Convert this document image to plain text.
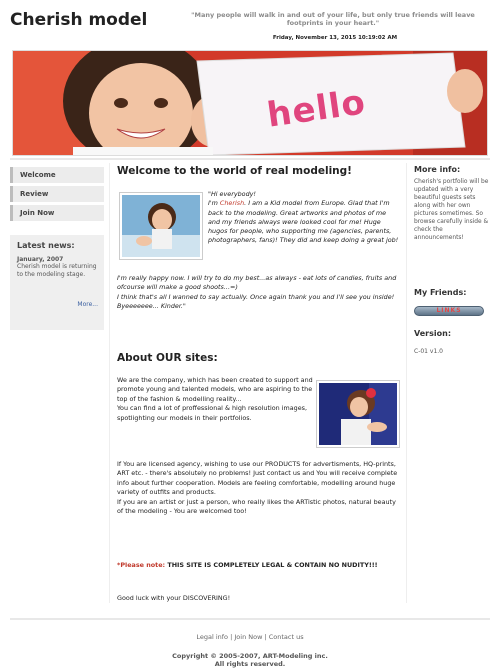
Cherish model	"Many people will walk in and out of your life, but only true friends will leave footprints in your heart."
Friday, November 13, 2015 10:19:02 AM
hello
Welcome
Review
Join Now
Latest news:
January, 2007
Cherish model is returning to the modeling stage.
More...
Welcome to the world of real modeling!
"Hi everybody!
I'm Cherish. I am a Kid model from Europe. Glad that I'm back to the modeling. Great artworks and photos of me and my friends always were looked cool for me! Huge hugos for people, who supporting me (agencies, parents, photographers, fans)! They did and keep doing a great job!
I'm really happy now. I will try to do my best...as always - eat lots of candies, fruits and ofcourse will make a good shoots...=)
I think that's all I wanned to say actually. Once again thank you and I'll see you inside!
Byeeeeeee... Kinder."
About OUR sites:
We are the company, which has been created to support and promote young and talented models, who are aspiring to the top of the fashion & modelling reality...
You can find a lot of proffessional & high resolution images, spotlighting our models in their portfolios.
If You are licensed agency, wishing to use our PRODUCTS for advertisments, HQ-prints, ART etc. - there's absolutely no problems! Just contact us and You will receive complete info about further cooperation. Models are feeling comfortable, modelling around huge variety of outfits and products.
If you are an artist or just a person, who really likes the ARTistic photos, natural beauty of the modeling - You are welcomed too!
*Please note: THIS SITE IS COMPLETELY LEGAL & CONTAIN NO NUDITY!!!
Good luck with your DISCOVERING!
More info:
Cherish's portfolio will be updated with a very beautiful guests sets along with her own pictures sometimes. So browse carefully inside & check the announcements!
My Friends:
LINKS
Version:
C-01 v1.0
Legal info | Join Now | Contact us
Copyright © 2005-2007, ART-Modeling inc.
All rights reserved.
